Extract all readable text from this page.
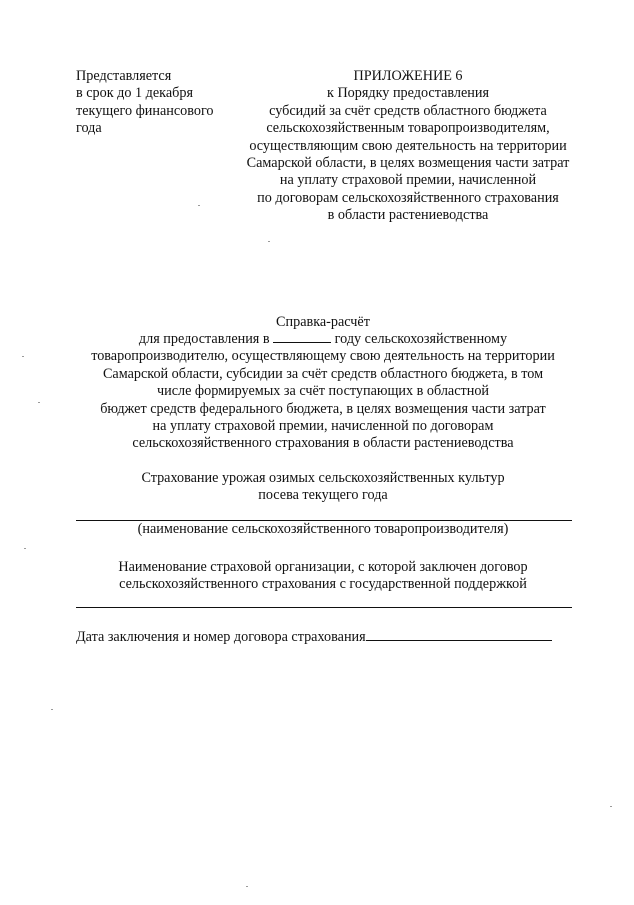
Представляется
в срок до 1 декабря
текущего финансового
года
ПРИЛОЖЕНИЕ 6
к Порядку предоставления
субсидий за счёт средств областного бюджета
сельскохозяйственным товаропроизводителям,
осуществляющим свою деятельность на территории
Самарской области, в целях возмещения части затрат
на уплату страховой премии, начисленной
по договорам сельскохозяйственного страхования
в области растениеводства
Справка-расчёт
для предоставления в	году сельскохозяйственному
товаропроизводителю, осуществляющему свою деятельность на территории
Самарской области, субсидии за счёт средств областного бюджета, в том
числе формируемых за счёт поступающих в областной
бюджет средств федерального бюджета, в целях возмещения части затрат
на уплату страховой премии, начисленной по договорам
сельскохозяйственного страхования в области растениеводства
Страхование урожая озимых сельскохозяйственных культур
посева текущего года
(наименование сельскохозяйственного товаропроизводителя)
Наименование страховой организации, с которой заключен договор
сельскохозяйственного страхования с государственной поддержкой
Дата заключения и номер договора страхования
